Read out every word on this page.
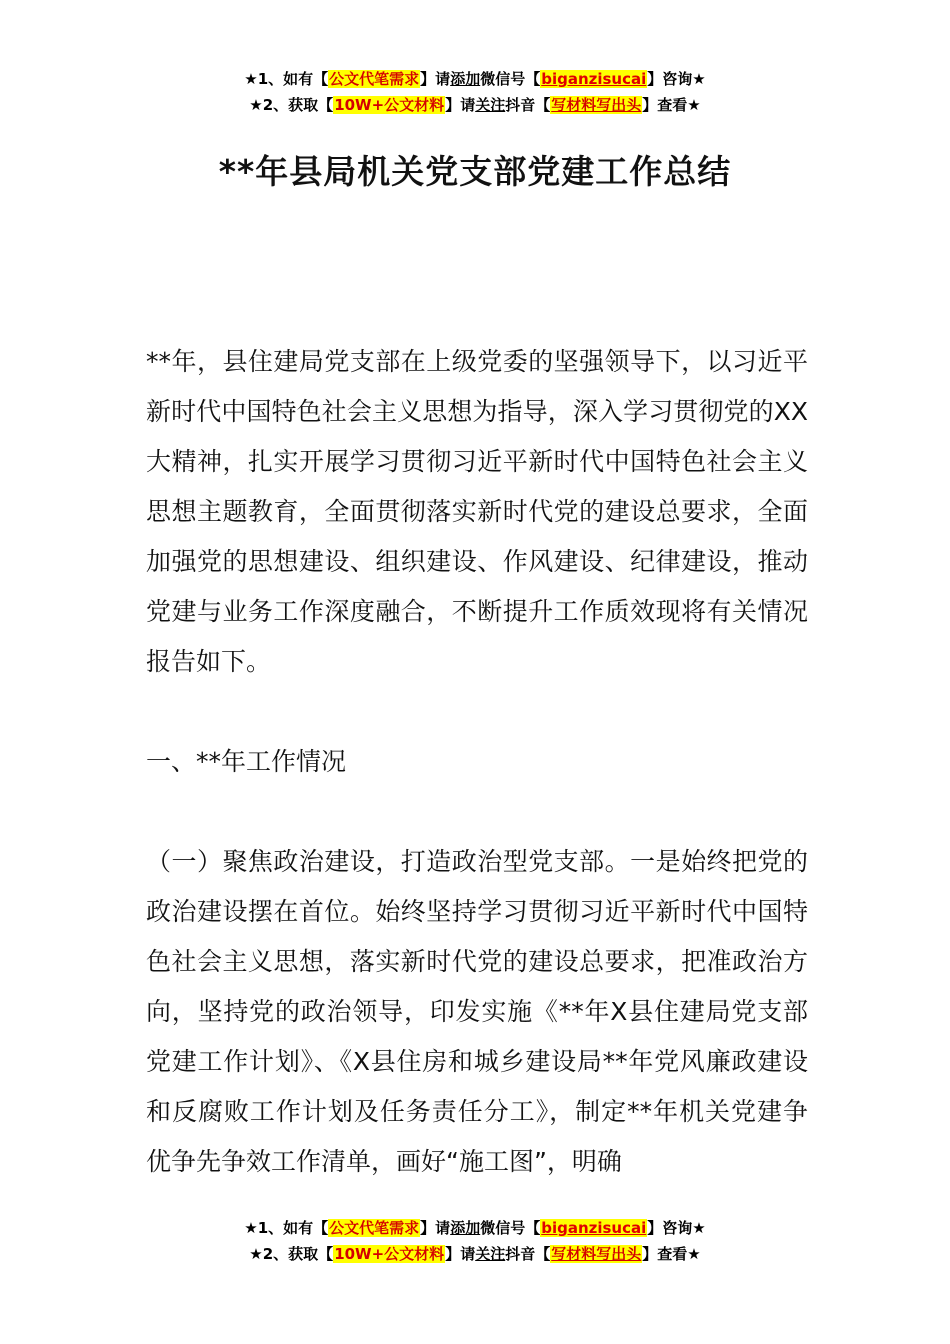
★1、如有【公文代笔需求】请添加微信号【biganzisucai】咨询★
★2、获取【10W+公文材料】请关注抖音【写材料写出头】查看★
**年县局机关党支部党建工作总结

**年，县住建局党支部在上级党委的坚强领导下，以习近平新时代中国特色社会主义思想为指导，深入学习贯彻党的XX大精神，扎实开展学习贯彻习近平新时代中国特色社会主义思想主题教育，全面贯彻落实新时代党的建设总要求，全面加强党的思想建设、组织建设、作风建设、纪律建设，推动党建与业务工作深度融合，不断提升工作质效现将有关情况报告如下。

一、**年工作情况

（一）聚焦政治建设，打造政治型党支部。一是始终把党的政治建设摆在首位。始终坚持学习贯彻习近平新时代中国特色社会主义思想，落实新时代党的建设总要求，把准政治方向，坚持党的政治领导，印发实施《**年X县住建局党支部党建工作计划》、《X县住房和城乡建设局**年党风廉政建设和反腐败工作计划及任务责任分工》，制定**年机关党建争优争先争效工作清单，画好“施工图”，明确

★1、如有【公文代笔需求】请添加微信号【biganzisucai】咨询★
★2、获取【10W+公文材料】请关注抖音【写材料写出头】查看★
